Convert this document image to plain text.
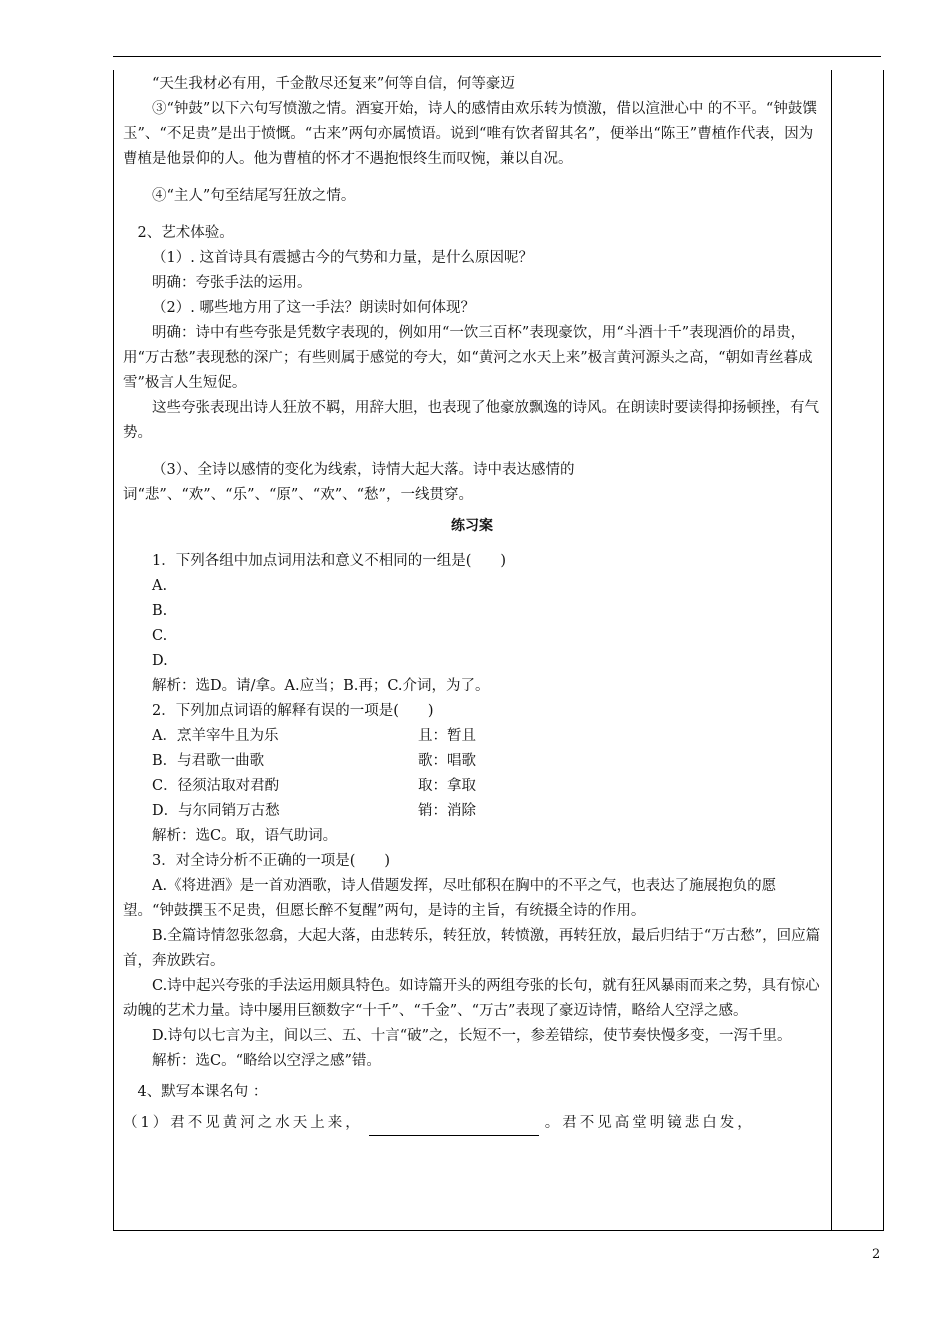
“天生我材必有用，千金散尽还复来”何等自信，何等豪迈

③“钟鼓”以下六句写愤激之情。酒宴开始，诗人的感情由欢乐转为愤激，借以渲泄心中 的不平。“钟鼓馔玉”、“不足贵”是出于愤慨。“古来”两句亦属愤语。说到“唯有饮者留其名”，便举出“陈王”曹植作代表，因为曹植是他景仰的人。他为曹植的怀才不遇抱恨终生而叹惋，兼以自况。

④“主人”句至结尾写狂放之情。

2、艺术体验。

（1）. 这首诗具有震撼古今的气势和力量，是什么原因呢？

明确：夸张手法的运用。

（2）. 哪些地方用了这一手法？朗读时如何体现？

明确：诗中有些夸张是凭数字表现的，例如用“一饮三百杯”表现豪饮，用“斗酒十千”表现酒价的昂贵，用“万古愁”表现愁的深广；有些则属于感觉的夸大，如“黄河之水天上来”极言黄河源头之高，“朝如青丝暮成雪”极言人生短促。

这些夸张表现出诗人狂放不羁，用辞大胆，也表现了他豪放飘逸的诗风。在朗读时要读得抑扬顿挫，有气势。

（3）、全诗以感情的变化为线索，诗情大起大落。诗中表达感情的词“悲”、“欢”、“乐”、“原”、“欢”、“愁”，一线贯穿。

练习案

1．下列各组中加点词用法和意义不相同的一组是(　　)

A.

B.

C.

D.

解析：选D。请/拿。A.应当；B.再；C.介词，为了。

2．下列加点词语的解释有误的一项是(　　)

A．烹羊宰牛且为乐	且：暂且
B．与君歌一曲歌	歌：唱歌
C．径须沽取对君酌	取：拿取
D．与尔同销万古愁	销：消除

解析：选C。取，语气助词。

3．对全诗分析不正确的一项是(　　)

A.《将进酒》是一首劝酒歌，诗人借题发挥，尽吐郁积在胸中的不平之气，也表达了施展抱负的愿望。“钟鼓撰玉不足贵，但愿长醉不复醒”两句，是诗的主旨，有统摄全诗的作用。

B.全篇诗情忽张忽翕，大起大落，由悲转乐，转狂放，转愤激，再转狂放，最后归结于“万古愁”，回应篇首，奔放跌宕。

C.诗中起兴夸张的手法运用颇具特色。如诗篇开头的两组夸张的长句，就有狂风暴雨而来之势，具有惊心动魄的艺术力量。诗中屡用巨额数字“十千”、“千金”、“万古”表现了豪迈诗情，略给人空浮之感。

D.诗句以七言为主，间以三、五、十言“破”之，长短不一，参差错综，使节奏快慢多变，一泻千里。

解析：选C。“略给以空浮之感”错。

4、默写本课名句 ：

（1）君不见黄河之水天上来，	。君不见高堂明镜悲白发，

2
